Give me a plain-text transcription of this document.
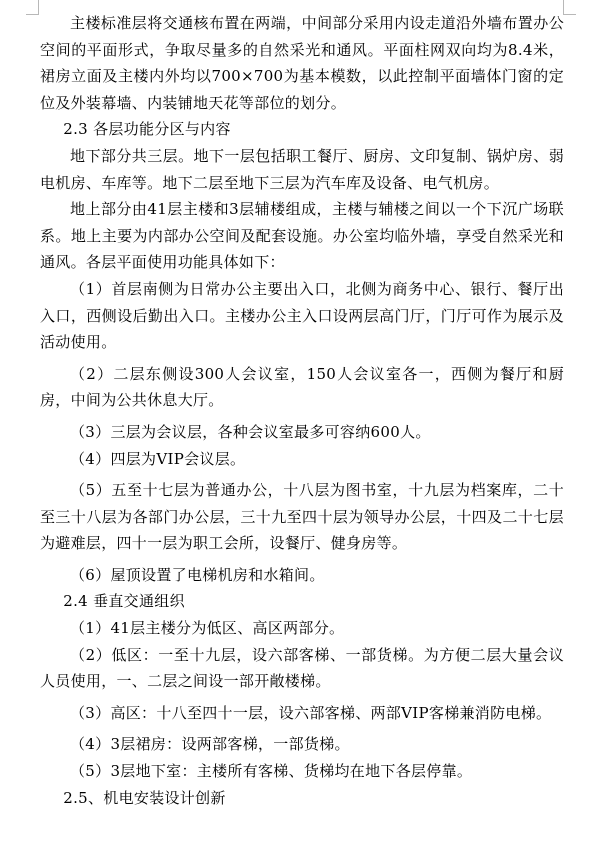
主楼标准层将交通核布置在两端，中间部分采用内设走道沿外墙布置办公空间的平面形式，争取尽量多的自然采光和通风。平面柱网双向均为8.4米，裙房立面及主楼内外均以700×700为基本模数，以此控制平面墙体门窗的定位及外装幕墙、内装铺地天花等部位的划分。

2.3 各层功能分区与内容

地下部分共三层。地下一层包括职工餐厅、厨房、文印复制、锅炉房、弱电机房、车库等。地下二层至地下三层为汽车库及设备、电气机房。

地上部分由41层主楼和3层辅楼组成，主楼与辅楼之间以一个下沉广场联系。地上主要为内部办公空间及配套设施。办公室均临外墙，享受自然采光和通风。各层平面使用功能具体如下：

（1）首层南侧为日常办公主要出入口，北侧为商务中心、银行、餐厅出入口，西侧设后勤出入口。主楼办公主入口设两层高门厅，门厅可作为展示及活动使用。

（2）二层东侧设300人会议室，150人会议室各一，西侧为餐厅和厨房，中间为公共休息大厅。

（3）三层为会议层，各种会议室最多可容纳600人。

（4）四层为VIP会议层。

（5）五至十七层为普通办公，十八层为图书室，十九层为档案库，二十至三十八层为各部门办公层，三十九至四十层为领导办公层，十四及二十七层为避难层，四十一层为职工会所，设餐厅、健身房等。

（6）屋顶设置了电梯机房和水箱间。

2.4 垂直交通组织

（1）41层主楼分为低区、高区两部分。

（2）低区：一至十九层，设六部客梯、一部货梯。为方便二层大量会议人员使用，一、二层之间设一部开敞楼梯。

（3）高区：十八至四十一层，设六部客梯、两部VIP客梯兼消防电梯。

（4）3层裙房：设两部客梯，一部货梯。

（5）3层地下室：主楼所有客梯、货梯均在地下各层停靠。

2.5、机电安装设计创新
